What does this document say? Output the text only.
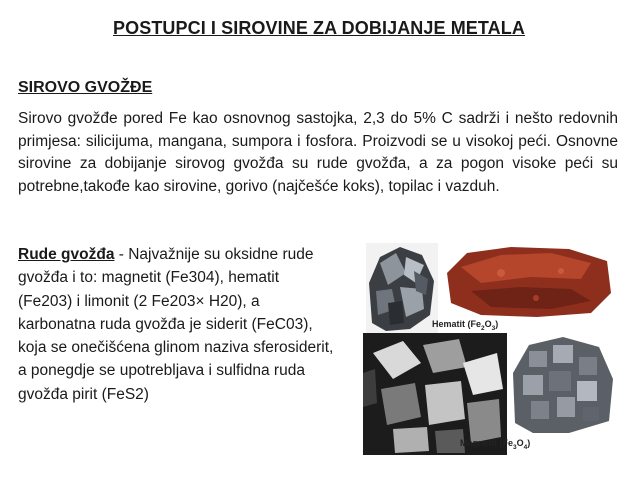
POSTUPCI I SIROVINE ZA DOBIJANJE METALA
SIROVO GVOŽĐE
Sirovo gvožđe pored Fe kao osnovnog sastojka, 2,3 do 5% C sadrži i nešto redovnih primjesa: silicijuma, mangana, sumpora i fosfora. Proizvodi se u visokoj peći. Osnovne sirovine za dobijanje sirovog gvožđa su rude gvožđa, a za pogon visoke peći su potrebne,takođe kao sirovine, gorivo (najčešće koks), topilac i vazduh.
Rude gvožđa - Najvažnije su oksidne rude gvožđa i to: magnetit (Fe304), hematit (Fe203) i limonit (2 Fe203× H20), a karbonatna ruda gvožđa je siderit (FeC03), koja se onečišćena glinom naziva sferosiderit, a ponegdje se upotrebljava i sulfidna ruda gvožđa pirit (FeS2)
Hematit $(Fe_2O_3)$
Magnetit $(Fe_3O_4)$
